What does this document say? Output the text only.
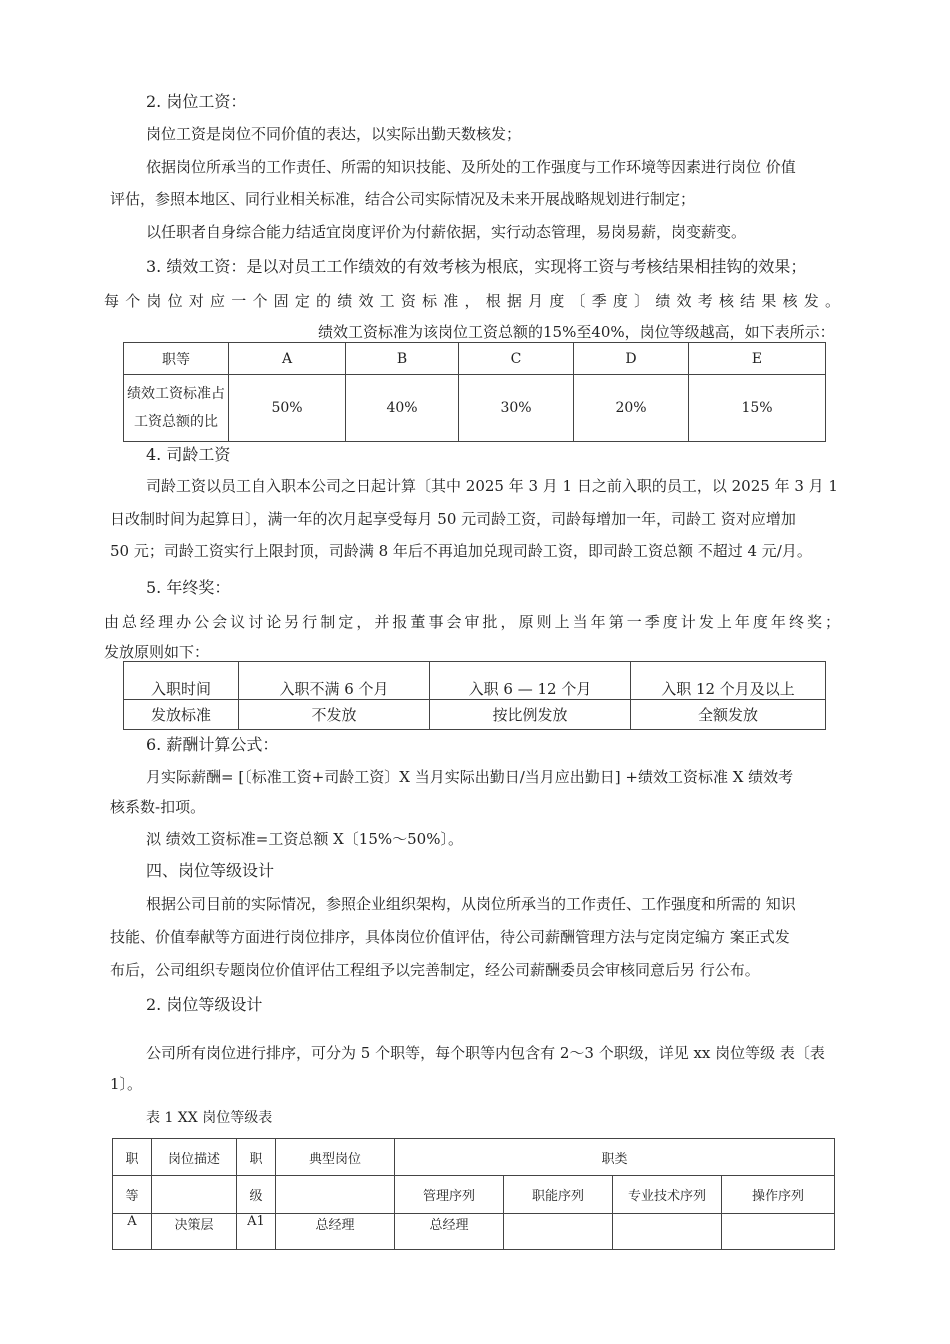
2. 岗位工资：
岗位工资是岗位不同价值的表达，以实际出勤天数核发；
依据岗位所承当的工作责任、所需的知识技能、及所处的工作强度与工作环境等因素进行岗位 价值
评估，参照本地区、同行业相关标准，结合公司实际情况及未来开展战略规划进行制定；
以任职者自身综合能力结适宜岗度评价为付薪依据，实行动态管理，易岗易薪，岗变薪变。
3. 绩效工资：是以对员工工作绩效的有效考核为根底，实现将工资与考核结果相挂钩的效果；
每个岗位对应一个固定的绩效工资标准，根据月度〔季度〕绩效考核结果核发。
绩效工资标准为该岗位工资总额的15%至40%，岗位等级越高，如下表所示：
职等	A	B	C	D	E

绩效工资标准占
工资总额的比	50%	40%	30%	20%	15%
4. 司龄工资
司龄工资以员工自入职本公司之日起计算〔其中 2025 年 3 月 1 日之前入职的员工，以 2025 年 3 月 1
日改制时间为起算日〕，满一年的次月起享受每月 50 元司龄工资，司龄每增加一年，司龄工 资对应增加
50 元；司龄工资实行上限封顶，司龄满 8 年后不再追加兑现司龄工资，即司龄工资总额 不超过 4 元/月。
5. 年终奖：
由总经理办公会议讨论另行制定，并报董事会审批，原则上当年第一季度计发上年度年终奖；
发放原则如下：
入职时间	入职不满 6 个月	入职 6 — 12 个月	入职 12 个月及以上
发放标准	不发放	按比例发放	全额发放
6. 薪酬计算公式：
月实际薪酬= [〔标准工资+司龄工资〕X 当月实际出勤日/当月应出勤日] +绩效工资标准 X 绩效考
核系数-扣项。
泤 绩效工资标准=工资总额 X〔15%〜50%〕。
四、岗位等级设计
根据公司目前的实际情况，参照企业组织架构，从岗位所承当的工作责任、工作强度和所需的 知识
技能、价值奉献等方面进行岗位排序，具体岗位价值评估，待公司薪酬管理方法与定岗定编方 案正式发
布后，公司组织专题岗位价值评估工程组予以完善制定，经公司薪酬委员会审核同意后另 行公布。
2. 岗位等级设计
公司所有岗位进行排序，可分为 5 个职等，每个职等内包含有 2〜3 个职级，详见 xx 岗位等级 表〔表
1〕。
表 1 XX 岗位等级表
职	岗位描述	职	典型岗位	职类			
等		级		管理序列	职能序列	专业技术序列	操作序列
A	决策层	A1	总经理	总经理			
